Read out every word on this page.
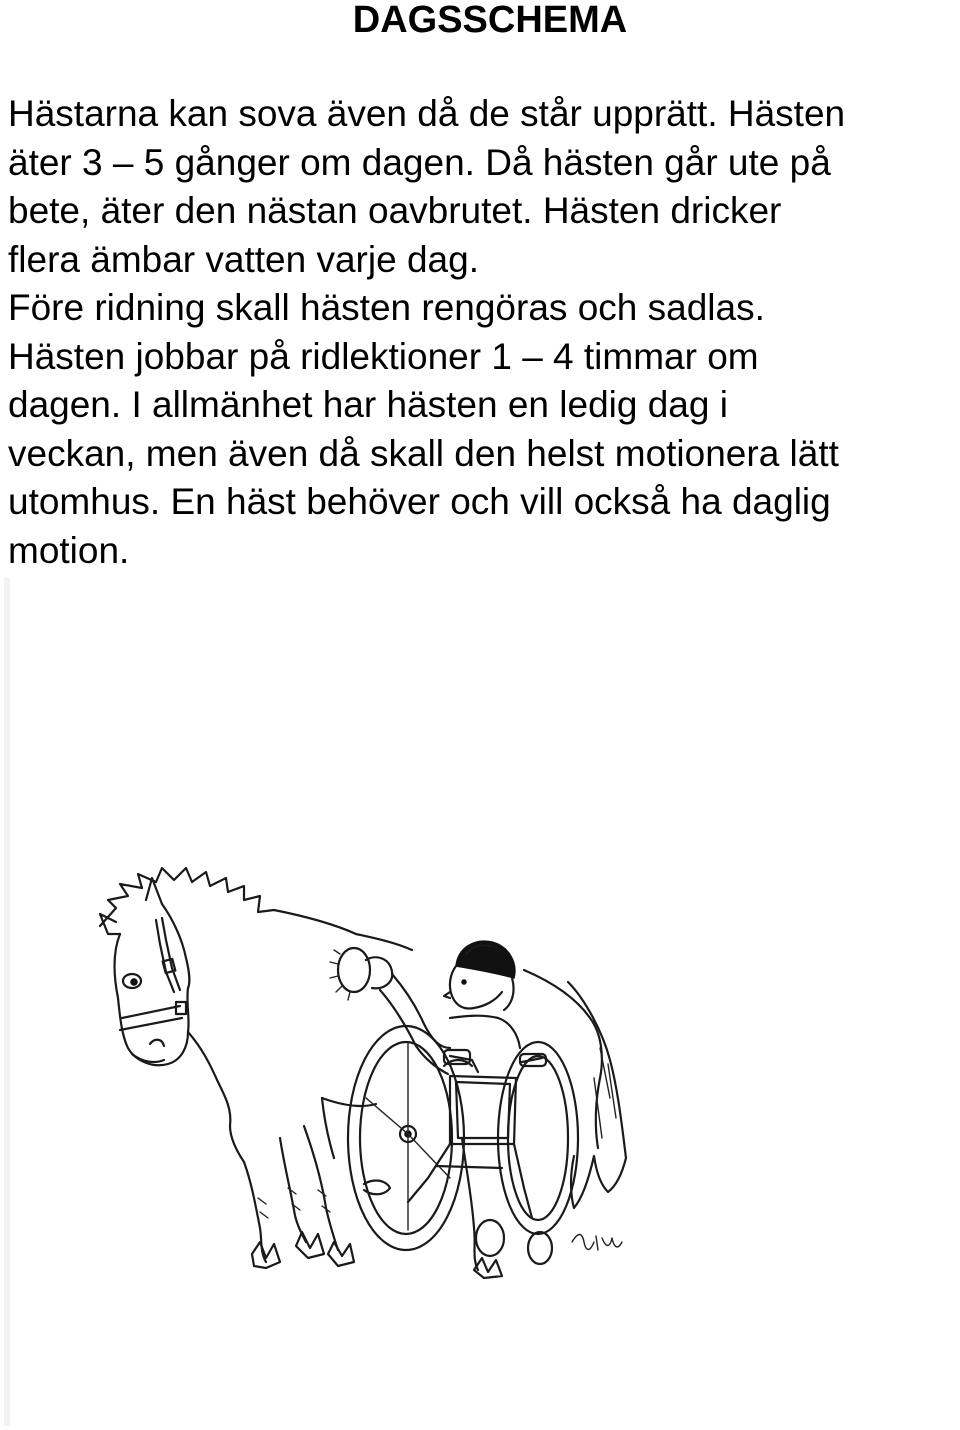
DAGSSCHEMA
Hästarna kan sova även då de står upprätt. Hästen
äter 3 – 5 gånger om dagen. Då hästen går ute på
bete, äter den nästan oavbrutet. Hästen dricker
flera ämbar vatten varje dag.
Före ridning skall hästen rengöras och sadlas.
Hästen jobbar på ridlektioner 1 – 4 timmar om
dagen. I allmänhet har hästen en ledig dag i
veckan, men även då skall den helst motionera lätt
utomhus. En häst behöver och vill också ha daglig
motion.
